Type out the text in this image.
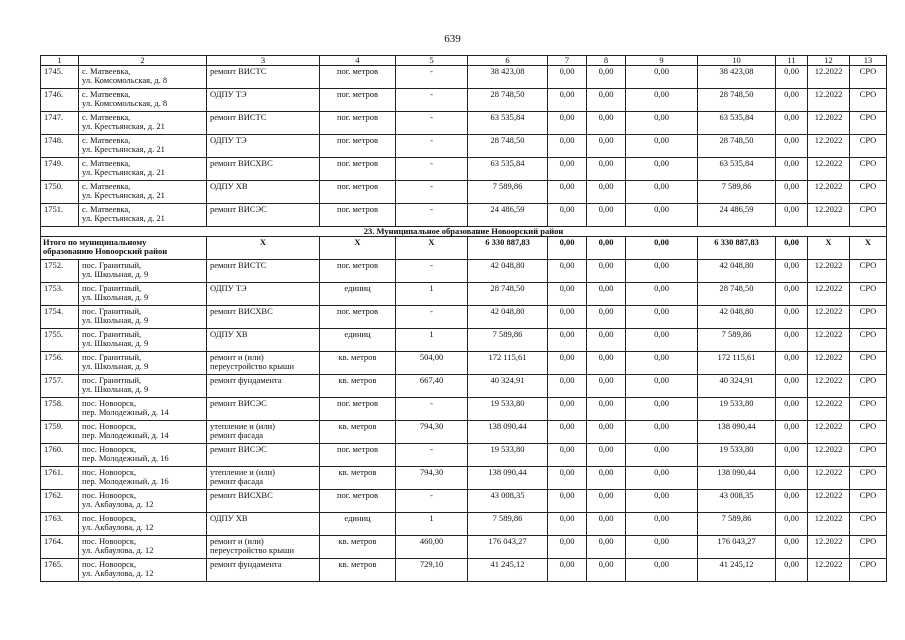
639
1	2	3	4	5	6	7	8	9	10	11	12	13
1745.	с. Матвеевка,
ул. Комсомольская, д. 8	ремонт ВИСТС	пог. метров	-	38 423,08	0,00	0,00	0,00	38 423,08	0,00	12.2022	СРО
1746.	с. Матвеевка,
ул. Комсомольская, д. 8	ОДПУ ТЭ	пог. метров	-	28 748,50	0,00	0,00	0,00	28 748,50	0,00	12.2022	СРО
1747.	с. Матвеевка,
ул. Крестьянская, д. 21	ремонт ВИСТС	пог. метров	-	63 535,84	0,00	0,00	0,00	63 535,84	0,00	12.2022	СРО
1748.	с. Матвеевка,
ул. Крестьянская, д. 21	ОДПУ ТЭ	пог. метров	-	28 748,50	0,00	0,00	0,00	28 748,50	0,00	12.2022	СРО
1749.	с. Матвеевка,
ул. Крестьянская, д. 21	ремонт ВИСХВС	пог. метров	-	63 535,84	0,00	0,00	0,00	63 535,84	0,00	12.2022	СРО
1750.	с. Матвеевка,
ул. Крестьянская, д. 21	ОДПУ ХВ	пог. метров	-	7 589,86	0,00	0,00	0,00	7 589,86	0,00	12.2022	СРО
1751.	с. Матвеевка,
ул. Крестьянская, д. 21	ремонт ВИСЭС	пог. метров	-	24 486,59	0,00	0,00	0,00	24 486,59	0,00	12.2022	СРО
23. Муниципальное образование Новоорский район												

Итого по муниципальному
образованию Новоорский район		Х	Х	Х	6 330 887,83	0,00	0,00	0,00	6 330 887,83	0,00	Х	Х
1752.	пос. Гранитный,
ул. Школьная, д. 9	ремонт ВИСТС	пог. метров	-	42 048,80	0,00	0,00	0,00	42 048,80	0,00	12.2022	СРО
1753.	пос. Гранитный,
ул. Школьная, д. 9	ОДПУ ТЭ	единиц	1	28 748,50	0,00	0,00	0,00	28 748,50	0,00	12.2022	СРО
1754.	пос. Гранитный,
ул. Школьная, д. 9	ремонт ВИСХВС	пог. метров	-	42 048,80	0,00	0,00	0,00	42 048,80	0,00	12.2022	СРО
1755.	пос. Гранитный,
ул. Школьная, д. 9	ОДПУ ХВ	единиц	1	7 589,86	0,00	0,00	0,00	7 589,86	0,00	12.2022	СРО
1756.	пос. Гранитный,
ул. Школьная, д. 9	ремонт и (или)
переустройство крыши	кв. метров	504,00	172 115,61	0,00	0,00	0,00	172 115,61	0,00	12.2022	СРО
1757.	пос. Гранитный,
ул. Школьная, д. 9	ремонт фундамента	кв. метров	667,40	40 324,91	0,00	0,00	0,00	40 324,91	0,00	12.2022	СРО
1758.	пос. Новоорск,
пер. Молодежный, д. 14	ремонт ВИСЭС	пог. метров	-	19 533,80	0,00	0,00	0,00	19 533,80	0,00	12.2022	СРО
1759.	пос. Новоорск,
пер. Молодежный, д. 14	утепление и (или)
ремонт фасада	кв. метров	794,30	138 090,44	0,00	0,00	0,00	138 090,44	0,00	12.2022	СРО
1760.	пос. Новоорск,
пер. Молодежный, д. 16	ремонт ВИСЭС	пог. метров	-	19 533,80	0,00	0,00	0,00	19 533,80	0,00	12.2022	СРО
1761.	пос. Новоорск,
пер. Молодежный, д. 16	утепление и (или)
ремонт фасада	кв. метров	794,30	138 090,44	0,00	0,00	0,00	138 090,44	0,00	12.2022	СРО
1762.	пос. Новоорск,
ул. Акбаулова, д. 12	ремонт ВИСХВС	пог. метров	-	43 008,35	0,00	0,00	0,00	43 008,35	0,00	12.2022	СРО
1763.	пос. Новоорск,
ул. Акбаулова, д. 12	ОДПУ ХВ	единиц	1	7 589,86	0,00	0,00	0,00	7 589,86	0,00	12.2022	СРО
1764.	пос. Новоорск,
ул. Акбаулова, д. 12	ремонт и (или)
переустройство крыши	кв. метров	460,00	176 043,27	0,00	0,00	0,00	176 043,27	0,00	12.2022	СРО
1765.	пос. Новоорск,
ул. Акбаулова, д. 12	ремонт фундамента	кв. метров	729,10	41 245,12	0,00	0,00	0,00	41 245,12	0,00	12.2022	СРО
